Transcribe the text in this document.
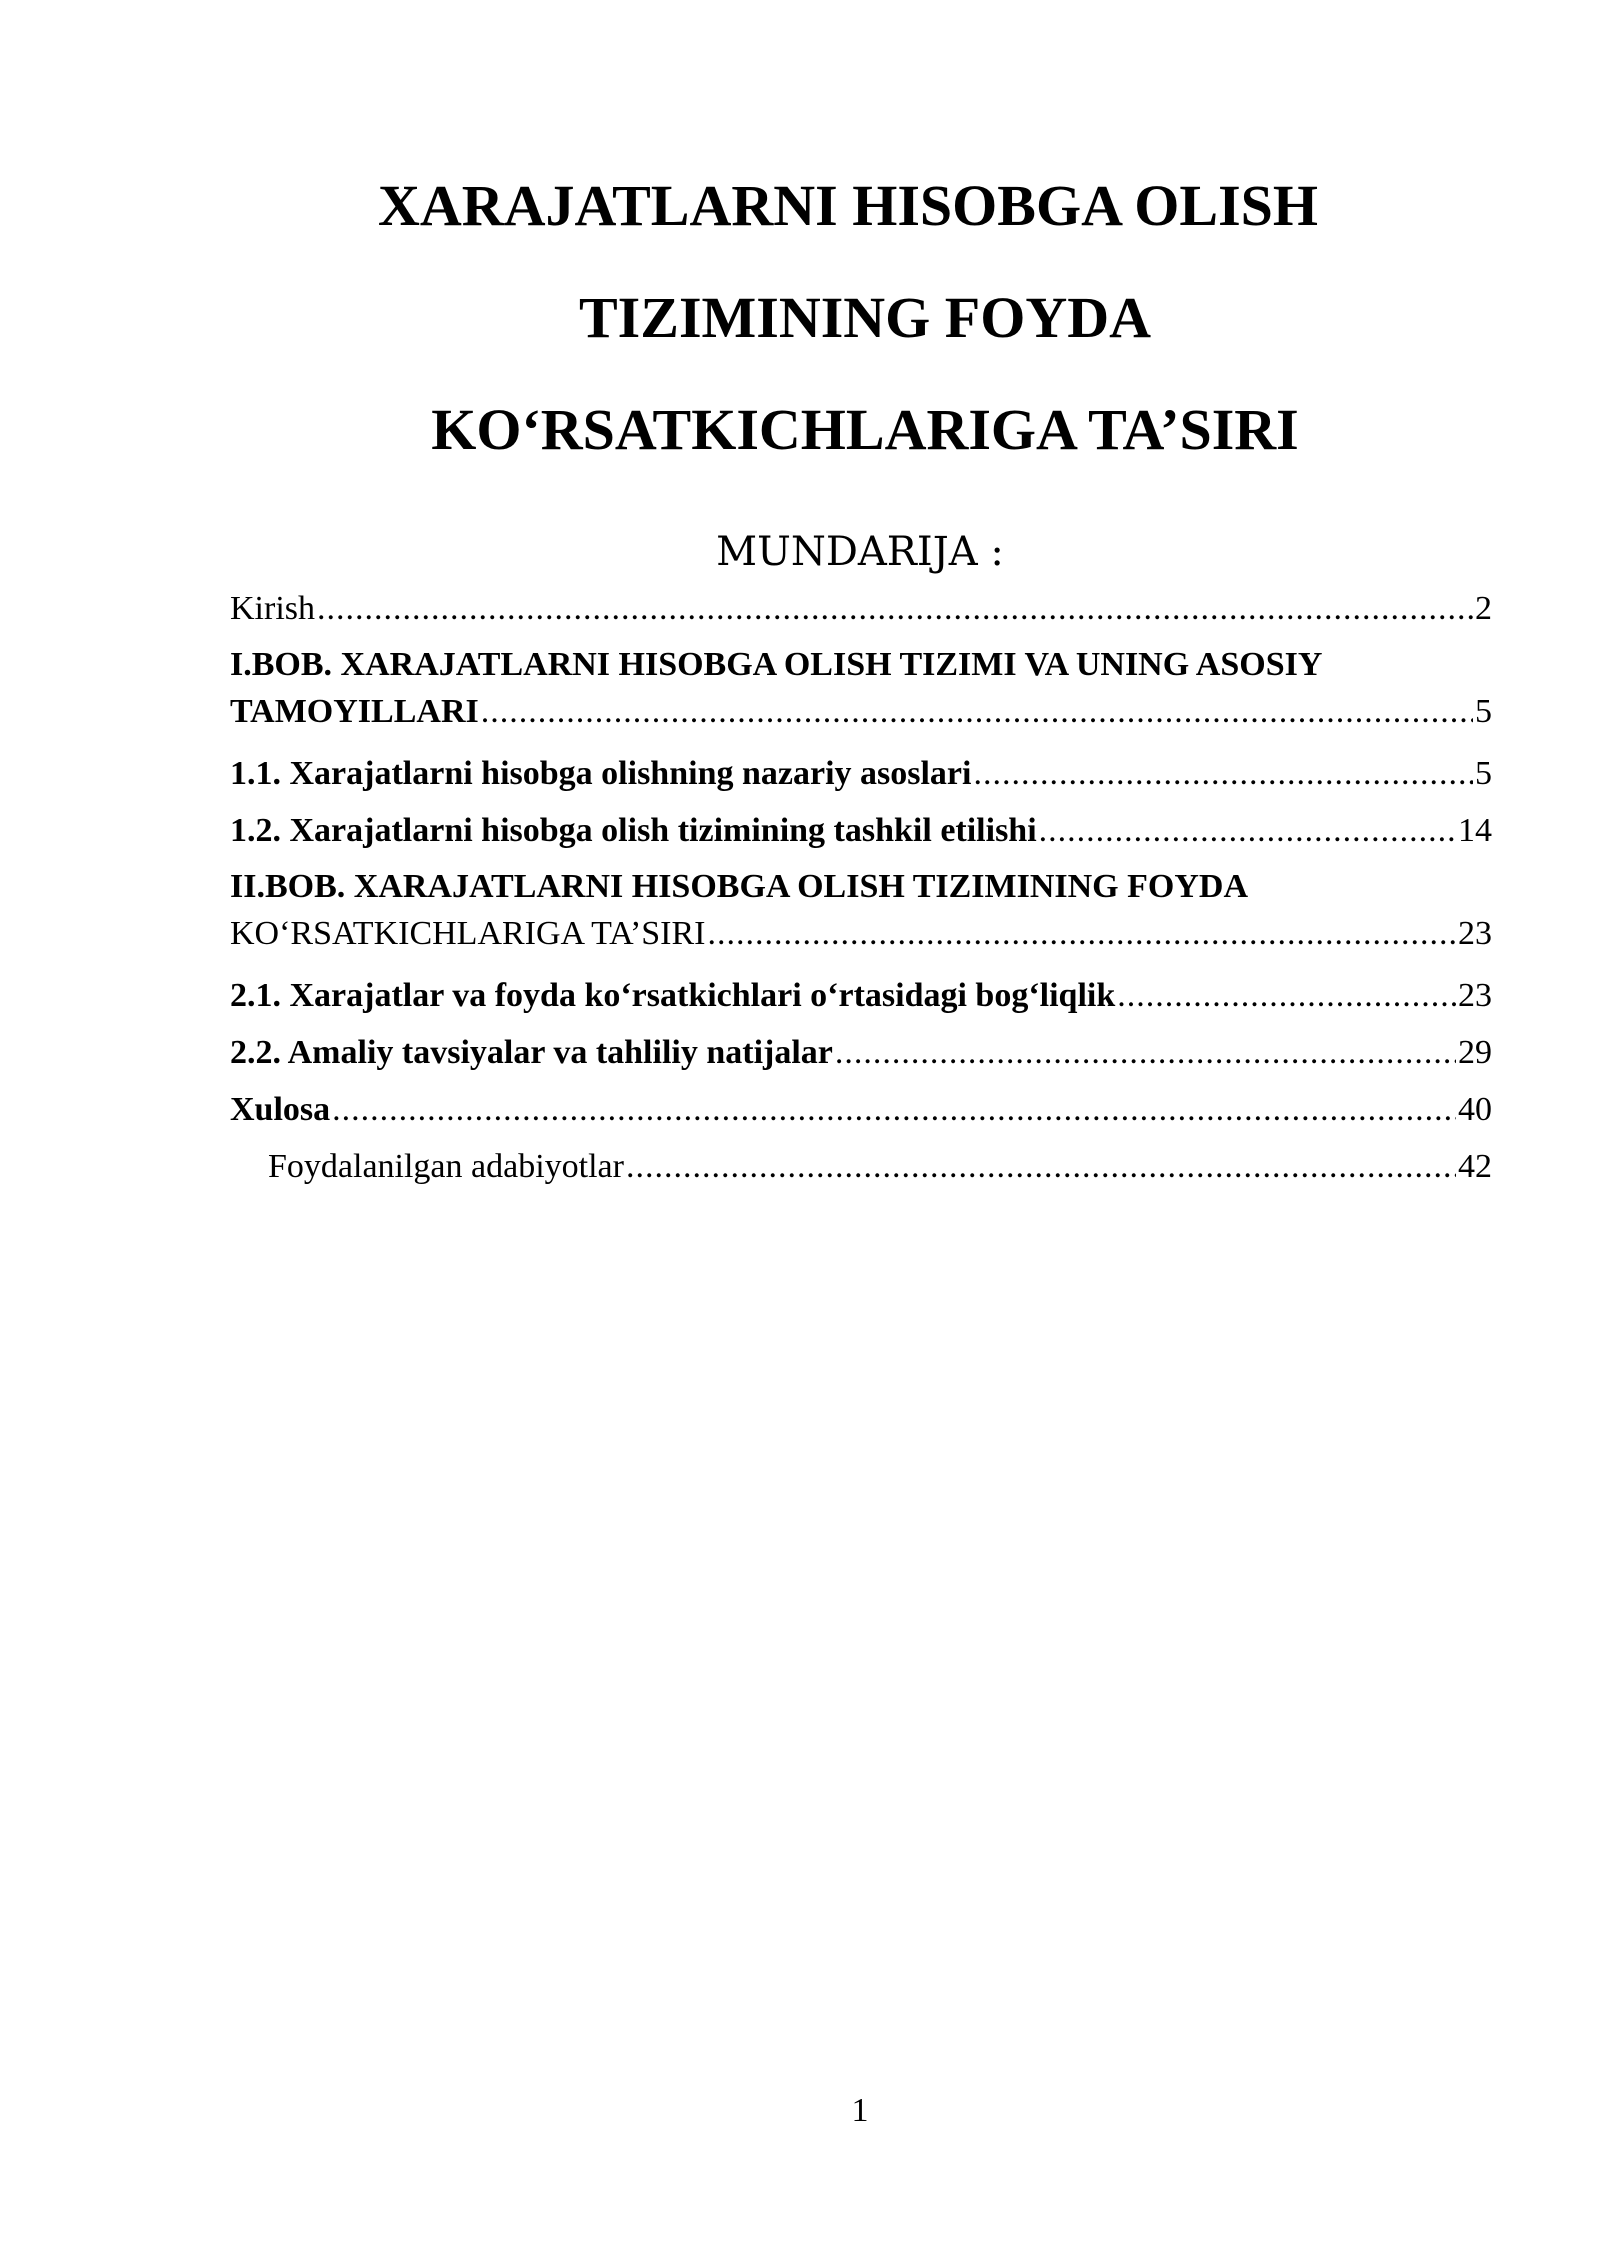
XARAJATLARNI HISOBGA OLISH
TIZIMINING FOYDA
KO‘RSATKICHLARIGA TA’SIRI
MUNDARIJA :
Kirish .....	2
I.BOB. XARAJATLARNI HISOBGA OLISH TIZIMI VA UNING ASOSIY
TAMOYILLARI .....	5
1.1. Xarajatlarni hisobga olishning nazariy asoslari .....	5
1.2. Xarajatlarni hisobga olish tizimining tashkil etilishi .....	14
II.BOB. XARAJATLARNI HISOBGA OLISH TIZIMINING FOYDA
KO‘RSATKICHLARIGA TA’SIRI .....	23
2.1. Xarajatlar va foyda ko‘rsatkichlari o‘rtasidagi bog‘liqlik .....	23
2.2. Amaliy tavsiyalar va tahliliy natijalar .....	29
Xulosa .....	40
Foydalanilgan adabiyotlar .....	42
1
